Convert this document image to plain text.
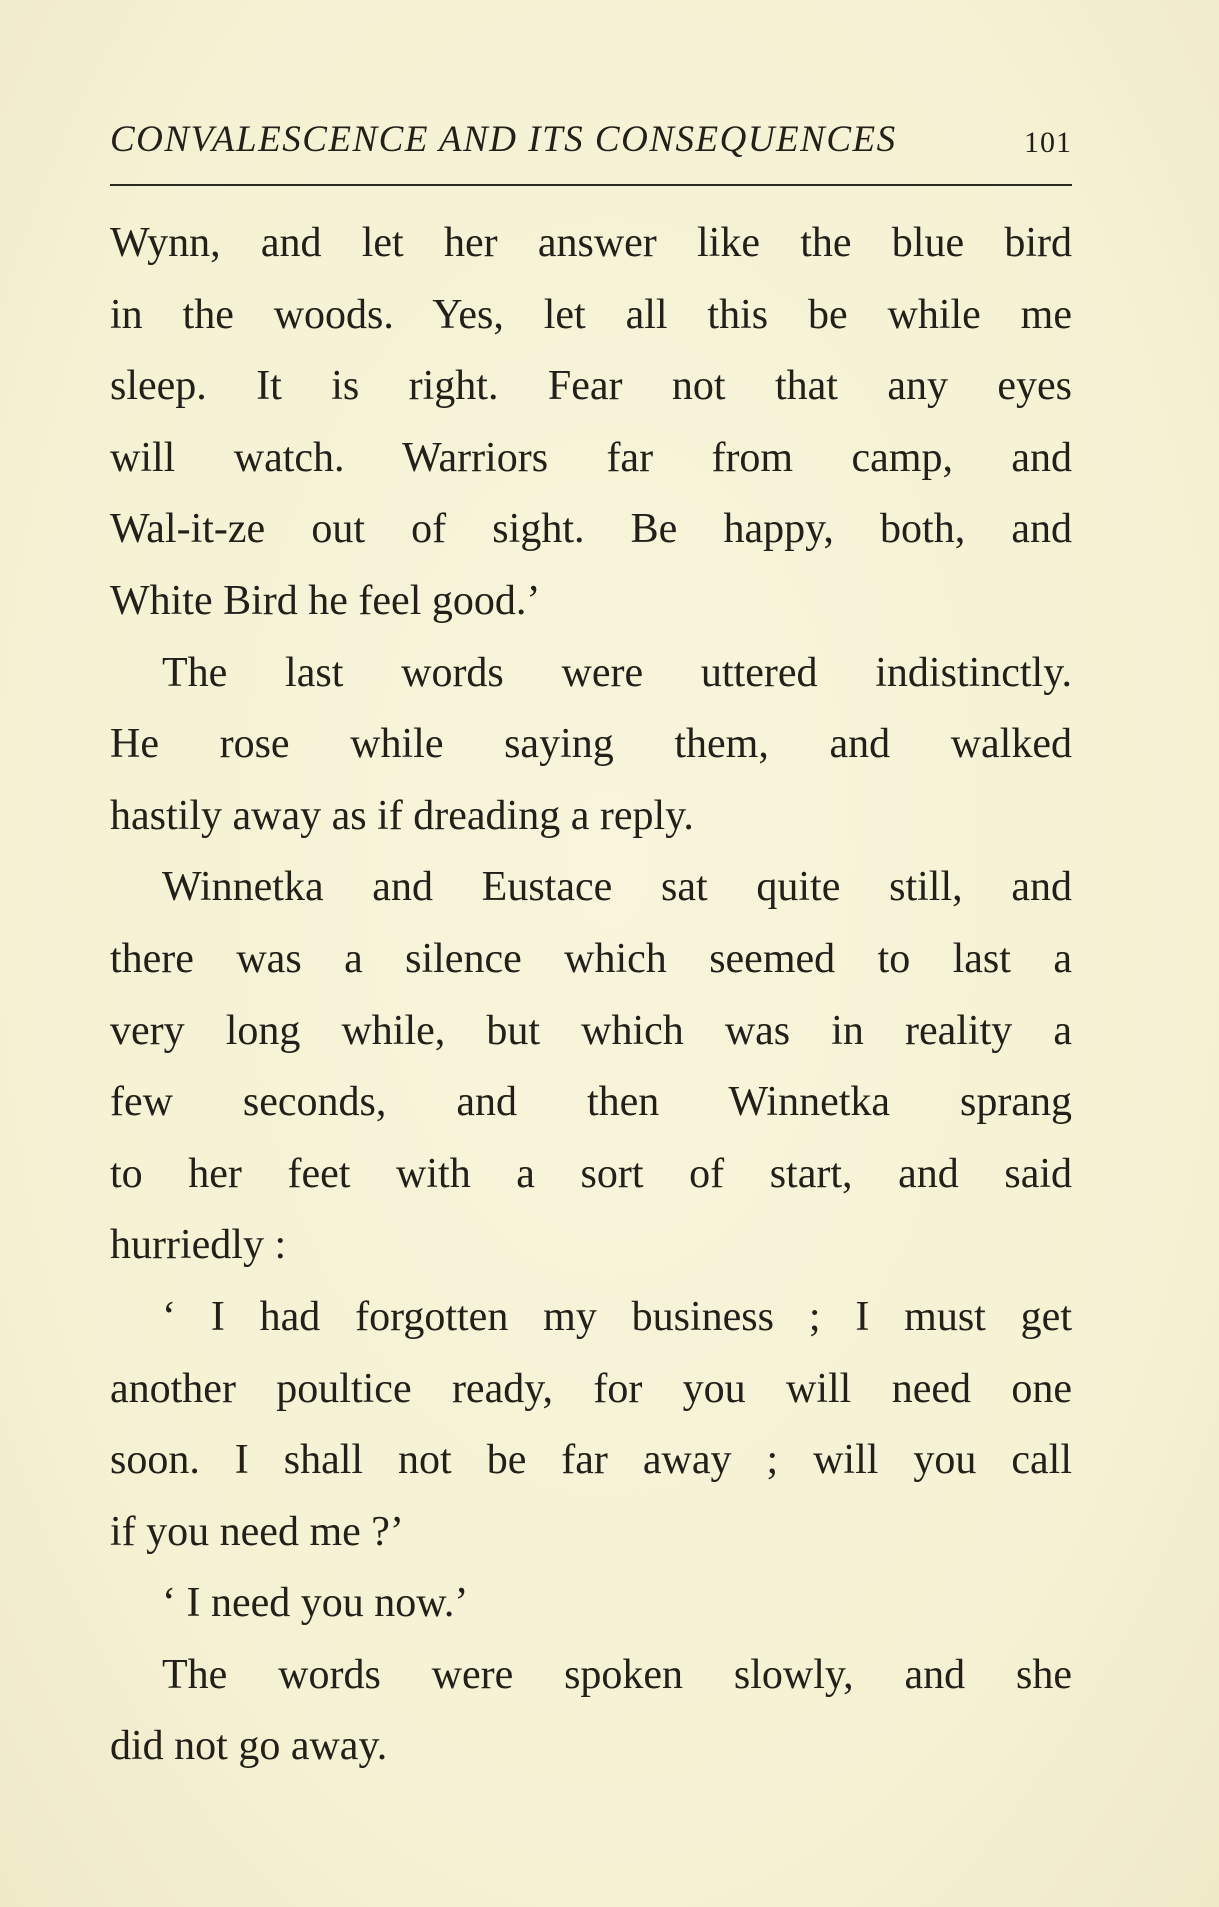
CONVALESCENCE AND ITS CONSEQUENCES	101
Wynn, and let her answer like the blue bird
in the woods. Yes, let all this be while me
sleep. It is right. Fear not that any eyes
will watch. Warriors far from camp, and
Wal-it-ze out of sight. Be happy, both, and
White Bird he feel good.’
The last words were uttered indistinctly.
He rose while saying them, and walked
hastily away as if dreading a reply.
Winnetka and Eustace sat quite still, and
there was a silence which seemed to last a
very long while, but which was in reality a
few seconds, and then Winnetka sprang
to her feet with a sort of start, and said
hurriedly :
‘ I had forgotten my business ; I must get
another poultice ready, for you will need one
soon. I shall not be far away ; will you call
if you need me ?’
‘ I need you now.’
The words were spoken slowly, and she
did not go away.
